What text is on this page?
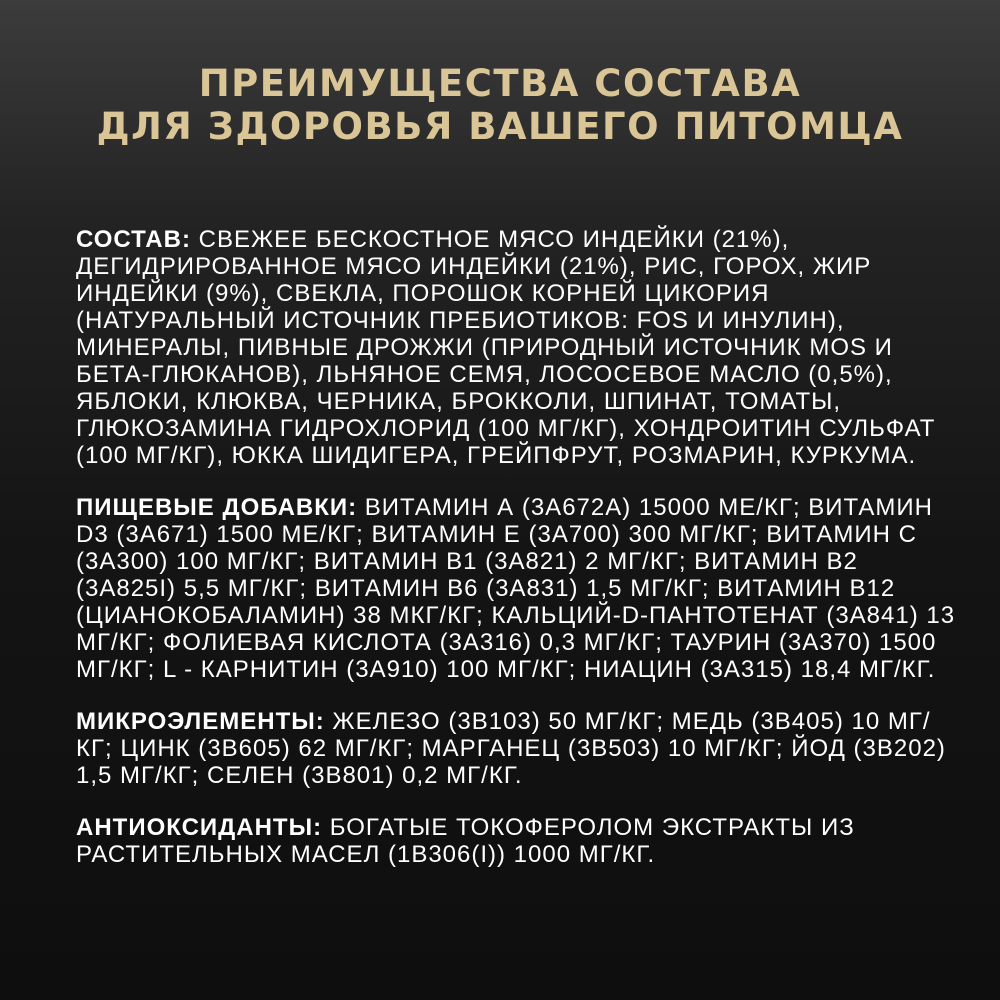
ПРЕИМУЩЕСТВА СОСТАВА
ДЛЯ ЗДОРОВЬЯ ВАШЕГО ПИТОМЦА

СОСТАВ: СВЕЖЕЕ БЕСКОСТНОЕ МЯСО ИНДЕЙКИ (21%), ДЕГИДРИРОВАННОЕ МЯСО ИНДЕЙКИ (21%), РИС, ГОРОХ, ЖИР ИНДЕЙКИ (9%), СВЕКЛА, ПОРОШОК КОРНЕЙ ЦИКОРИЯ (НАТУРАЛЬНЫЙ ИСТОЧНИК ПРЕБИОТИКОВ: FOS И ИНУЛИН), МИНЕРАЛЫ, ПИВНЫЕ ДРОЖЖИ (ПРИРОДНЫЙ ИСТОЧНИК MOS И БЕТА-ГЛЮКАНОВ), ЛЬНЯНОЕ СЕМЯ, ЛОСОСЕВОЕ МАСЛО (0,5%), ЯБЛОКИ, КЛЮКВА, ЧЕРНИКА, БРОККОЛИ, ШПИНАТ, ТОМАТЫ, ГЛЮКОЗАМИНА ГИДРОХЛОРИД (100 МГ/КГ), ХОНДРОИТИН СУЛЬФАТ (100 МГ/КГ), ЮККА ШИДИГЕРА, ГРЕЙПФРУТ, РОЗМАРИН, КУРКУМА.

ПИЩЕВЫЕ ДОБАВКИ: ВИТАМИН А (3А672А) 15000 МЕ/КГ; ВИТАМИН D3 (3А671) 1500 МЕ/КГ; ВИТАМИН Е (3А700) 300 МГ/КГ; ВИТАМИН С (3А300) 100 МГ/КГ; ВИТАМИН В1 (3А821) 2 МГ/КГ; ВИТАМИН В2 (3А825I) 5,5 МГ/КГ; ВИТАМИН В6 (3А831) 1,5 МГ/КГ; ВИТАМИН В12 (ЦИАНОКОБАЛАМИН) 38 МКГ/КГ; КАЛЬЦИЙ-D-ПАНТОТЕНАТ (3А841) 13 МГ/КГ; ФОЛИЕВАЯ КИСЛОТА (3А316) 0,3 МГ/КГ; ТАУРИН (3А370) 1500 МГ/КГ; L - КАРНИТИН (3А910) 100 МГ/КГ; НИАЦИН (3А315) 18,4 МГ/КГ.

МИКРОЭЛЕМЕНТЫ: ЖЕЛЕЗО (3В103) 50 МГ/КГ; МЕДЬ (3В405) 10 МГ/КГ; ЦИНК (3В605) 62 МГ/КГ; МАРГАНЕЦ (3В503) 10 МГ/КГ; ЙОД (3В202) 1,5 МГ/КГ; СЕЛЕН (3В801) 0,2 МГ/КГ.

АНТИОКСИДАНТЫ: БОГАТЫЕ ТОКОФЕРОЛОМ ЭКСТРАКТЫ ИЗ РАСТИТЕЛЬНЫХ МАСЕЛ (1В306(I)) 1000 МГ/КГ.
